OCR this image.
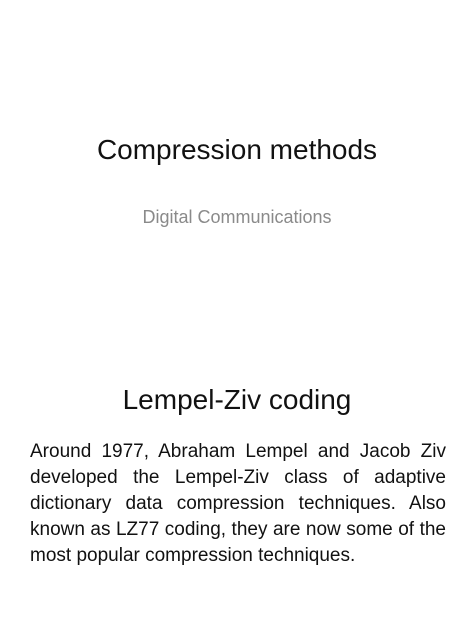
Compression methods
Digital Communications
Lempel-Ziv coding
Around 1977, Abraham Lempel and Jacob Ziv developed the Lempel-Ziv class of adaptive dictionary data compression techniques. Also known as LZ77 coding, they are now some of the most popular compression techniques.
